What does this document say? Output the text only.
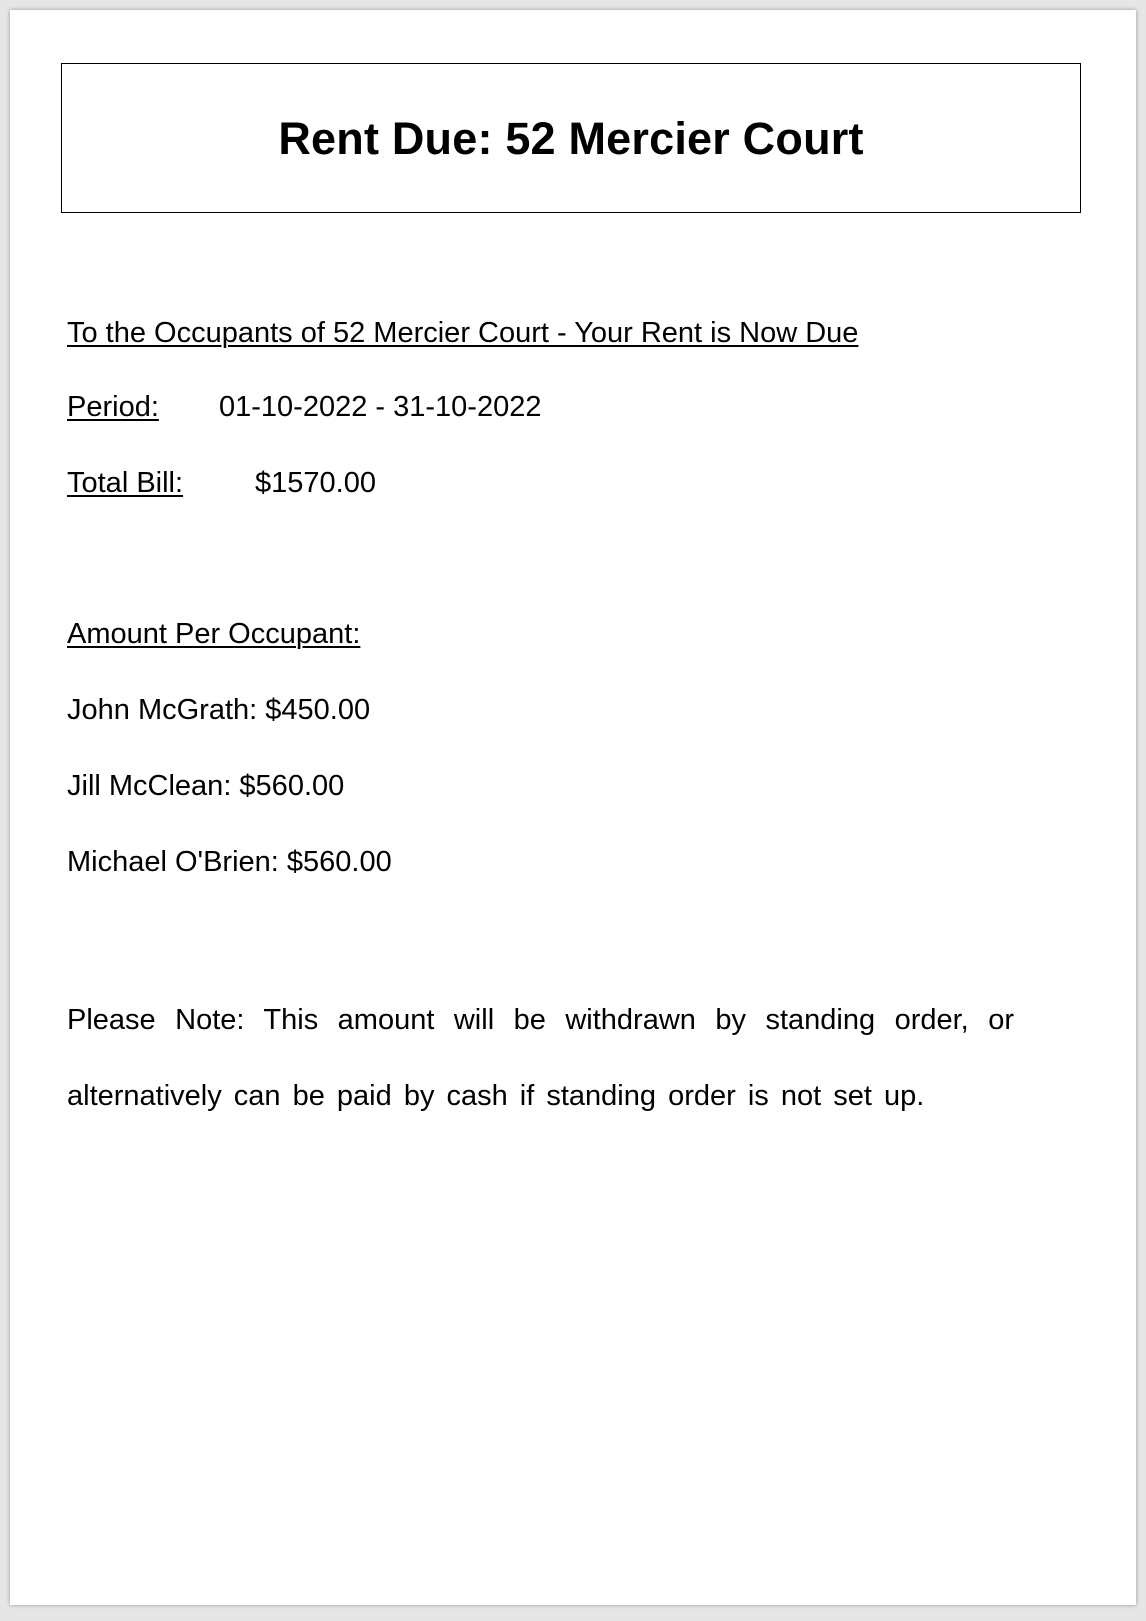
Rent Due: 52 Mercier Court
To the Occupants of 52 Mercier Court - Your Rent is Now Due
Period: 01-10-2022 - 31-10-2022
Total Bill:$1570.00
Amount Per Occupant:
John McGrath: $450.00
Jill McClean: $560.00
Michael O'Brien: $560.00
Please Note: This amount will be withdrawn by standing order, or alternatively can be paid by cash if standing order is not set up.
